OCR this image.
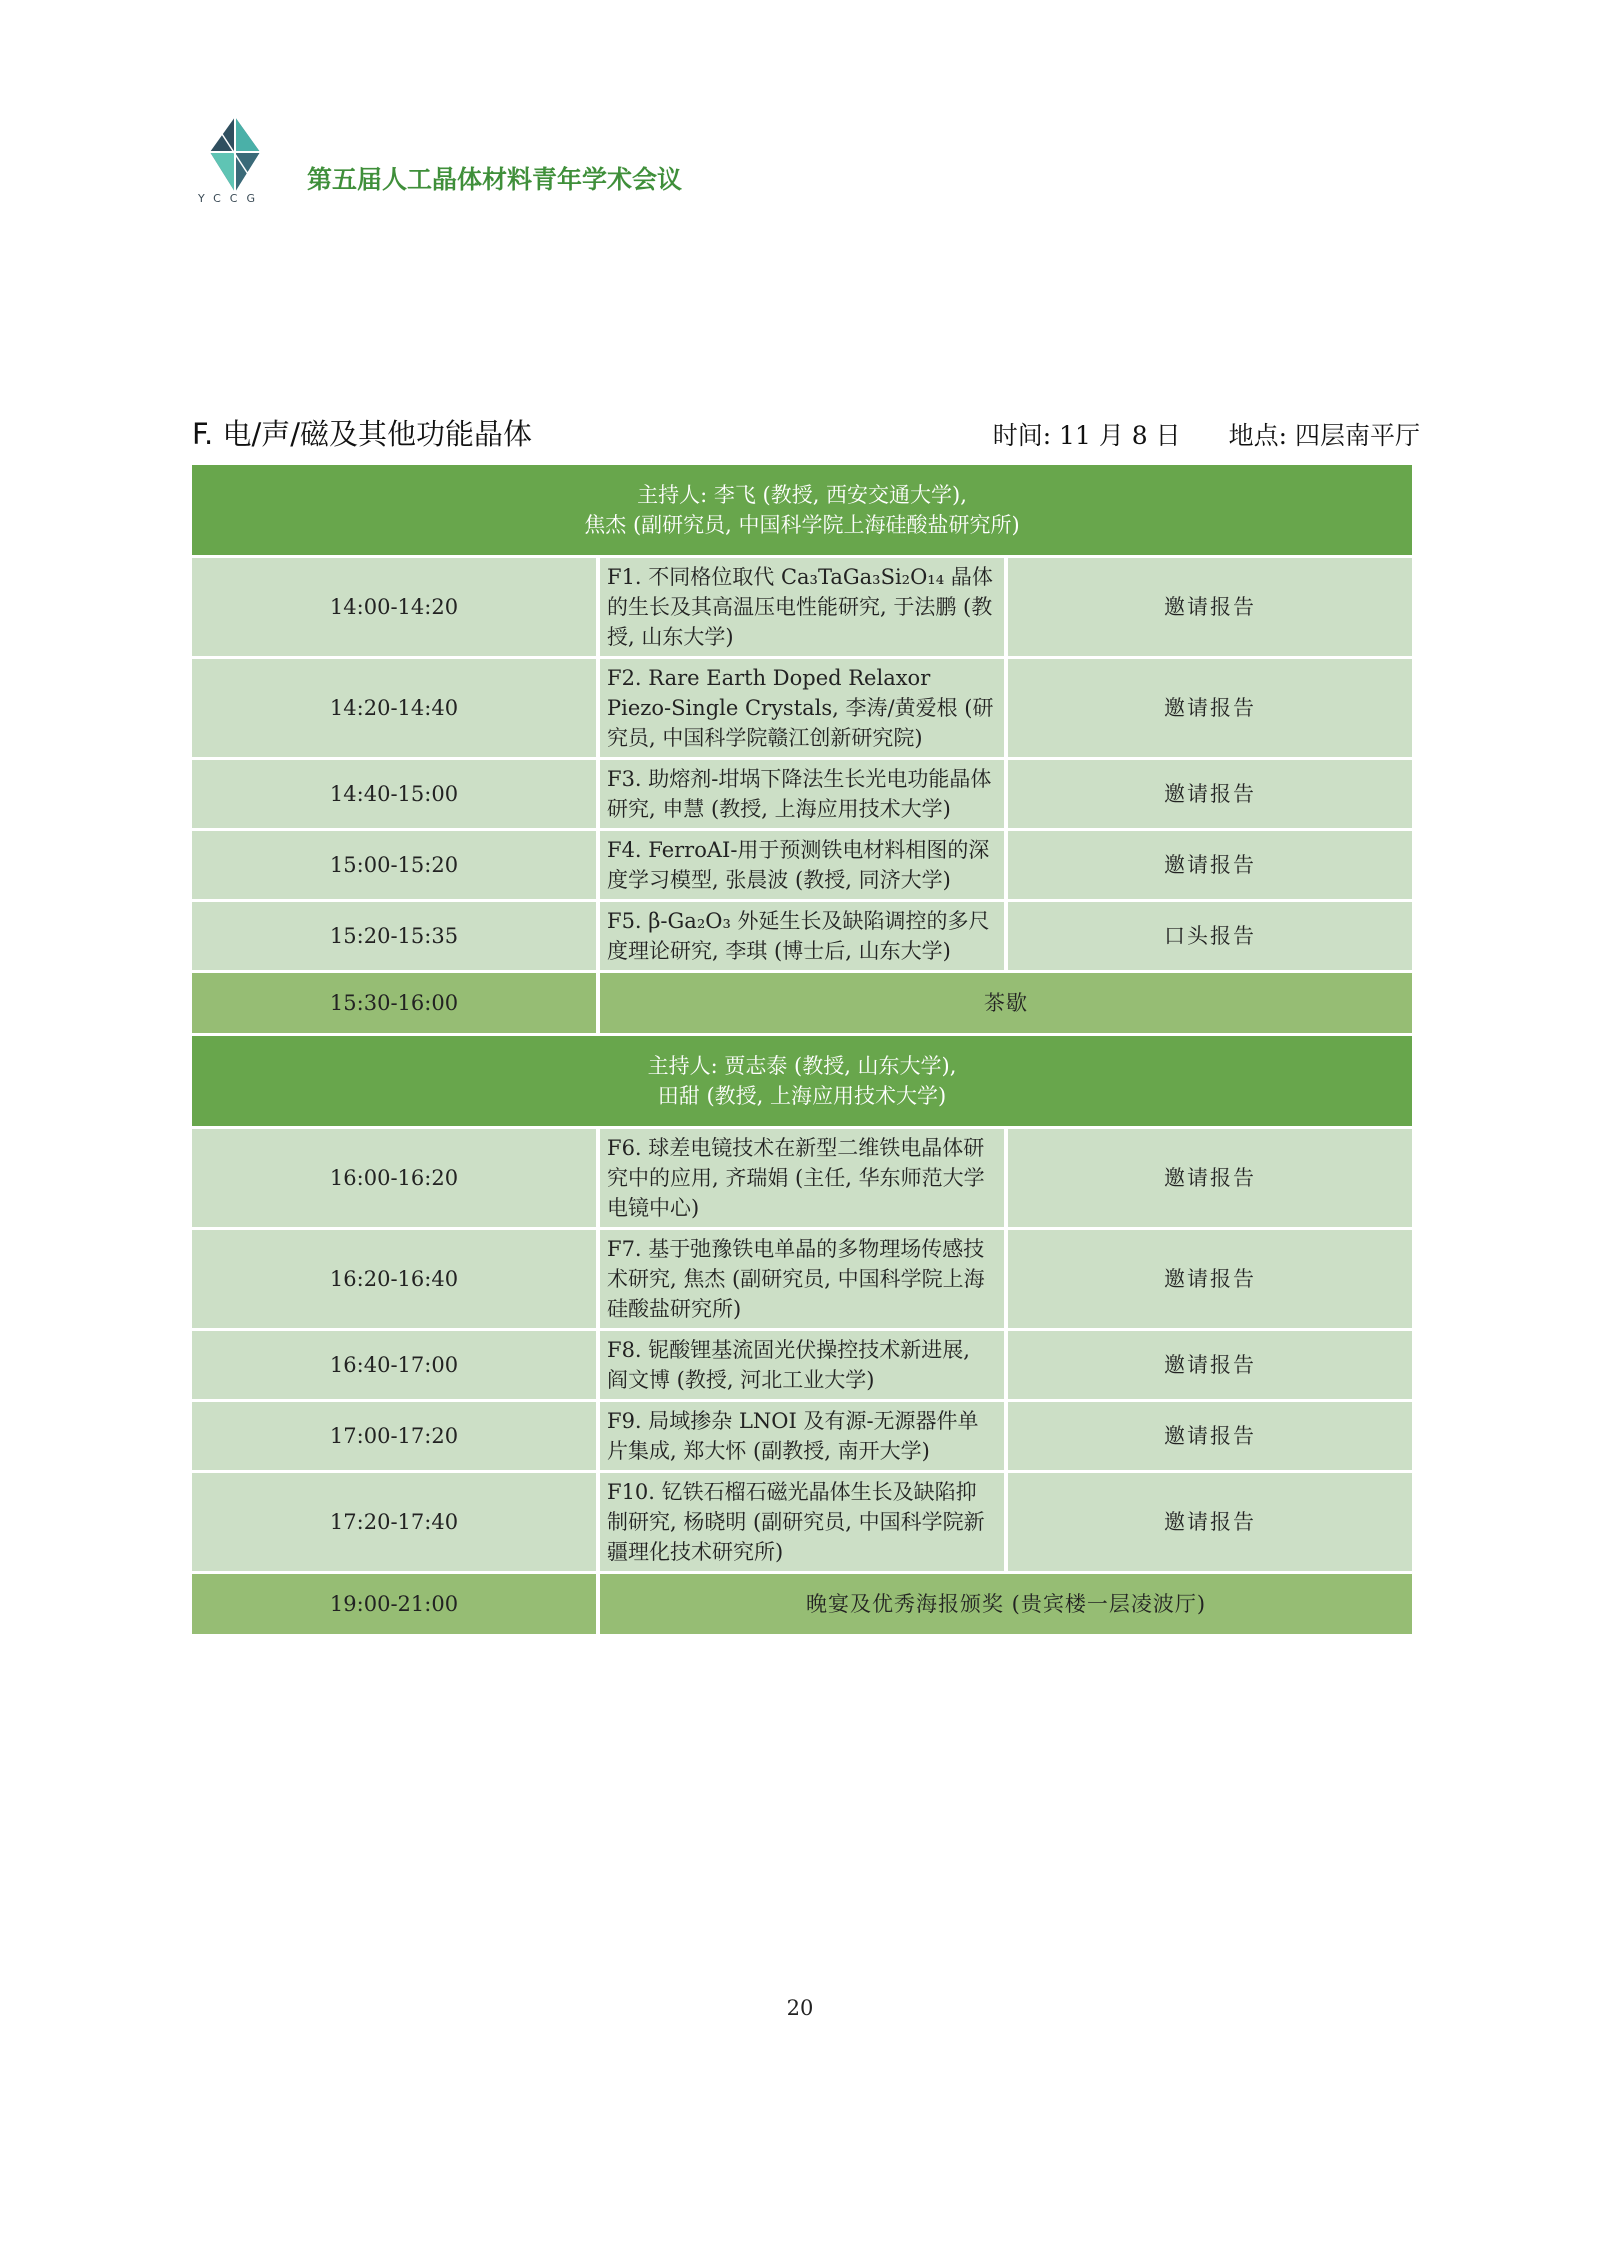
YCCG
第五届人工晶体材料青年学术会议
F. 电/声/磁及其他功能晶体	时间: 11 月 8 日 地点: 四层南平厅
主持人: 李飞 (教授, 西安交通大学),
焦杰 (副研究员, 中国科学院上海硅酸盐研究所)		

14:00-14:20	F1. 不同格位取代 Ca₃TaGa₃Si₂O₁₄ 晶体的生长及其高温压电性能研究, 于法鹏 (教授, 山东大学)	邀请报告
14:20-14:40	F2. Rare Earth Doped Relaxor Piezo-Single Crystals, 李涛/黄爱根 (研究员, 中国科学院赣江创新研究院)	邀请报告
14:40-15:00	F3. 助熔剂-坩埚下降法生长光电功能晶体研究, 申慧 (教授, 上海应用技术大学)	邀请报告
15:00-15:20	F4. FerroAI-用于预测铁电材料相图的深度学习模型, 张晨波 (教授, 同济大学)	邀请报告
15:20-15:35	F5. β-Ga₂O₃ 外延生长及缺陷调控的多尺度理论研究, 李琪 (博士后, 山东大学)	口头报告
15:30-16:00	茶歇	

主持人: 贾志泰 (教授, 山东大学),
田甜 (教授, 上海应用技术大学)		

16:00-16:20	F6. 球差电镜技术在新型二维铁电晶体研究中的应用, 齐瑞娟 (主任, 华东师范大学电镜中心)	邀请报告
16:20-16:40	F7. 基于弛豫铁电单晶的多物理场传感技术研究, 焦杰 (副研究员, 中国科学院上海硅酸盐研究所)	邀请报告
16:40-17:00	F8. 铌酸锂基流固光伏操控技术新进展, 阎文博 (教授, 河北工业大学)	邀请报告
17:00-17:20	F9. 局域掺杂 LNOI 及有源-无源器件单片集成, 郑大怀 (副教授, 南开大学)	邀请报告
17:20-17:40	F10. 钇铁石榴石磁光晶体生长及缺陷抑制研究, 杨晓明 (副研究员, 中国科学院新疆理化技术研究所)	邀请报告
19:00-21:00	晚宴及优秀海报颁奖 (贵宾楼一层凌波厅)	
20
